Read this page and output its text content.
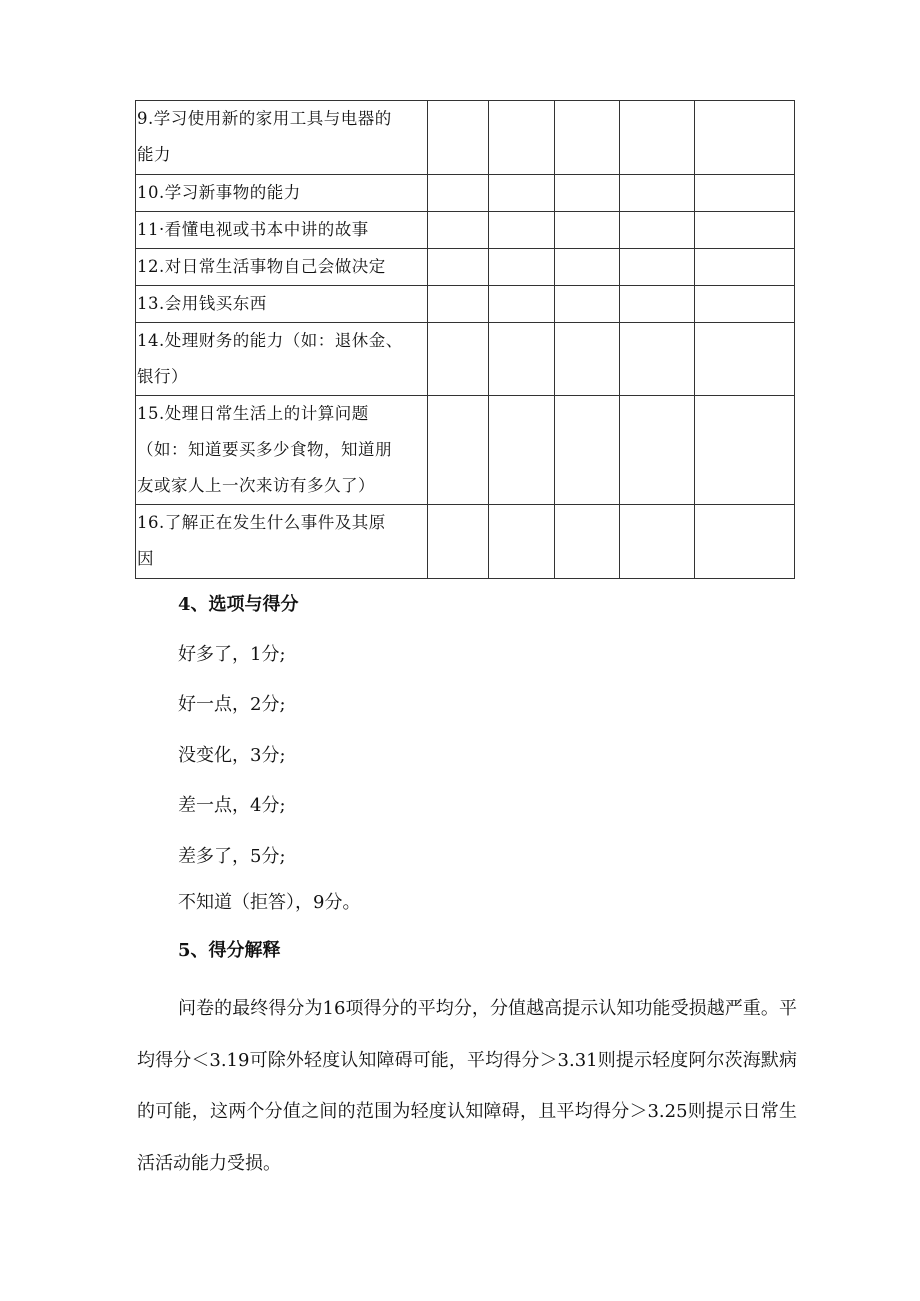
9.学习使用新的家用工具与电器的
能力					

10.学习新事物的能力					

11·看懂电视或书本中讲的故事					

12.对日常生活事物自己会做决定					

13.会用钱买东西					

14.处理财务的能力（如：退休金、
银行）					

15.处理日常生活上的计算问题
（如：知道要买多少食物，知道朋
友或家人上一次来访有多久了）					

16.了解正在发生什么事件及其原
因					

4、选项与得分
好多了，1分;
好一点，2分;
没变化，3分;
差一点，4分;
差多了，5分;
不知道（拒答），9分。
5、得分解释

问卷的最终得分为16项得分的平均分，分值越高提示认知功能受损越严重。平均得分＜3.19可除外轻度认知障碍可能，平均得分＞3.31则提示轻度阿尔茨海默病的可能，这两个分值之间的范围为轻度认知障碍，且平均得分＞3.25则提示日常生活活动能力受损。
